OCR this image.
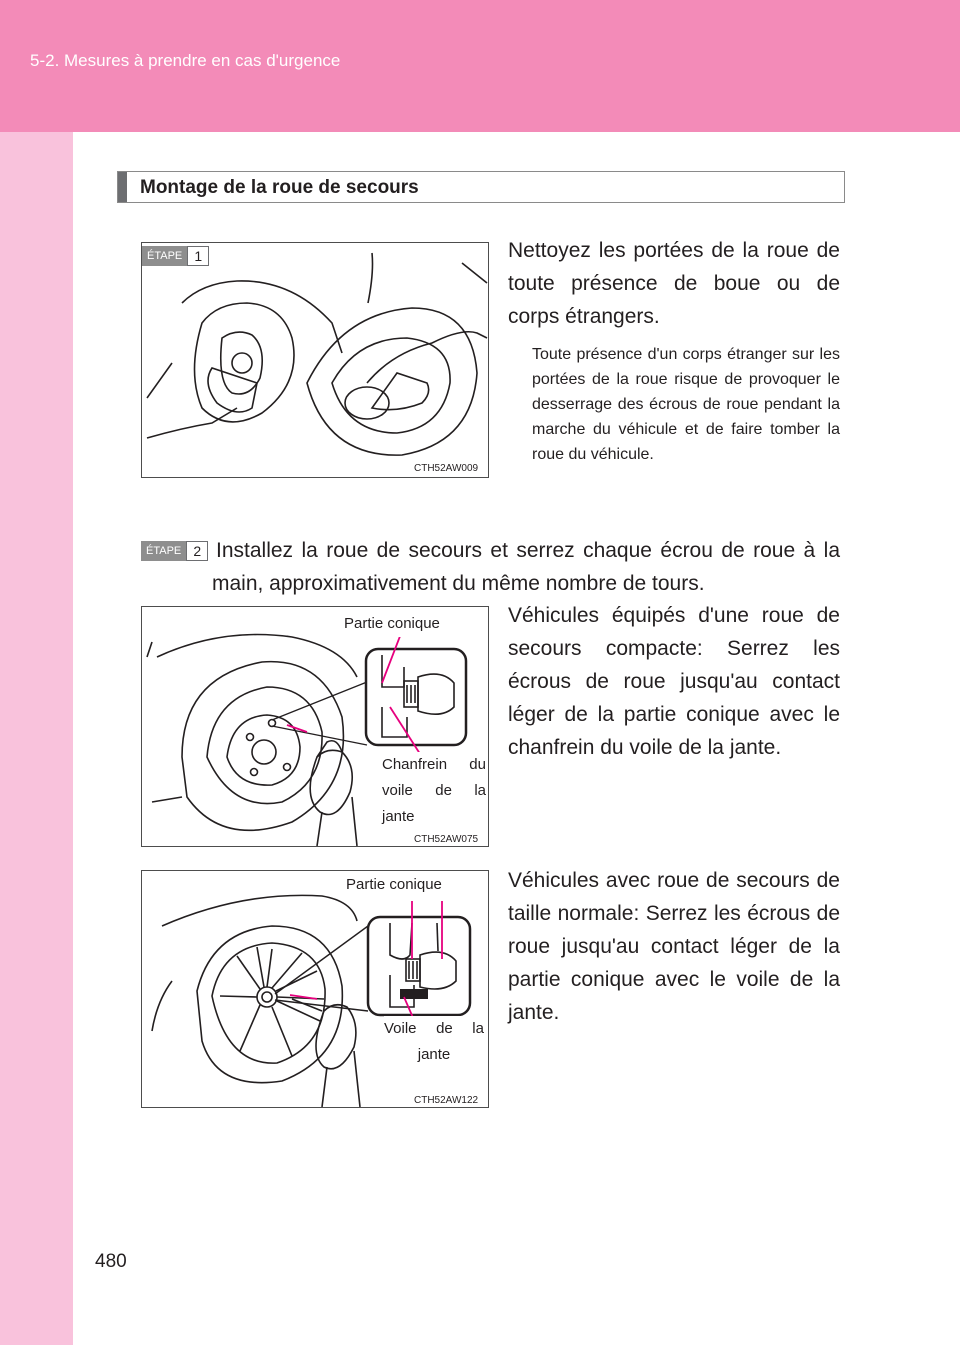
5-2. Mesures à prendre en cas d'urgence
Montage de la roue de secours
CTH52AW009
ÉTAPE 1	Nettoyez les portées de la roue de toute présence de boue ou de corps étrangers.
Toute présence d'un corps étranger sur les portées de la roue risque de provoquer le desserrage des écrous de roue pendant la marche du véhicule et de faire tomber la roue du véhicule.
ÉTAPE 2 Installez la roue de secours et serrez chaque écrou de roue à la main, approximativement du même nombre de tours.
CTH52AW075
Partie conique
Chanfrein du voile de la jante
Véhicules équipés d'une roue de secours compacte: Serrez les écrous de roue jusqu'au contact léger de la partie conique avec le chanfrein du voile de la jante.
CTH52AW122
Partie conique
Voile de la jante
Véhicules avec roue de secours de taille normale: Serrez les écrous de roue jusqu'au contact léger de la partie conique avec le voile de la jante.
480
